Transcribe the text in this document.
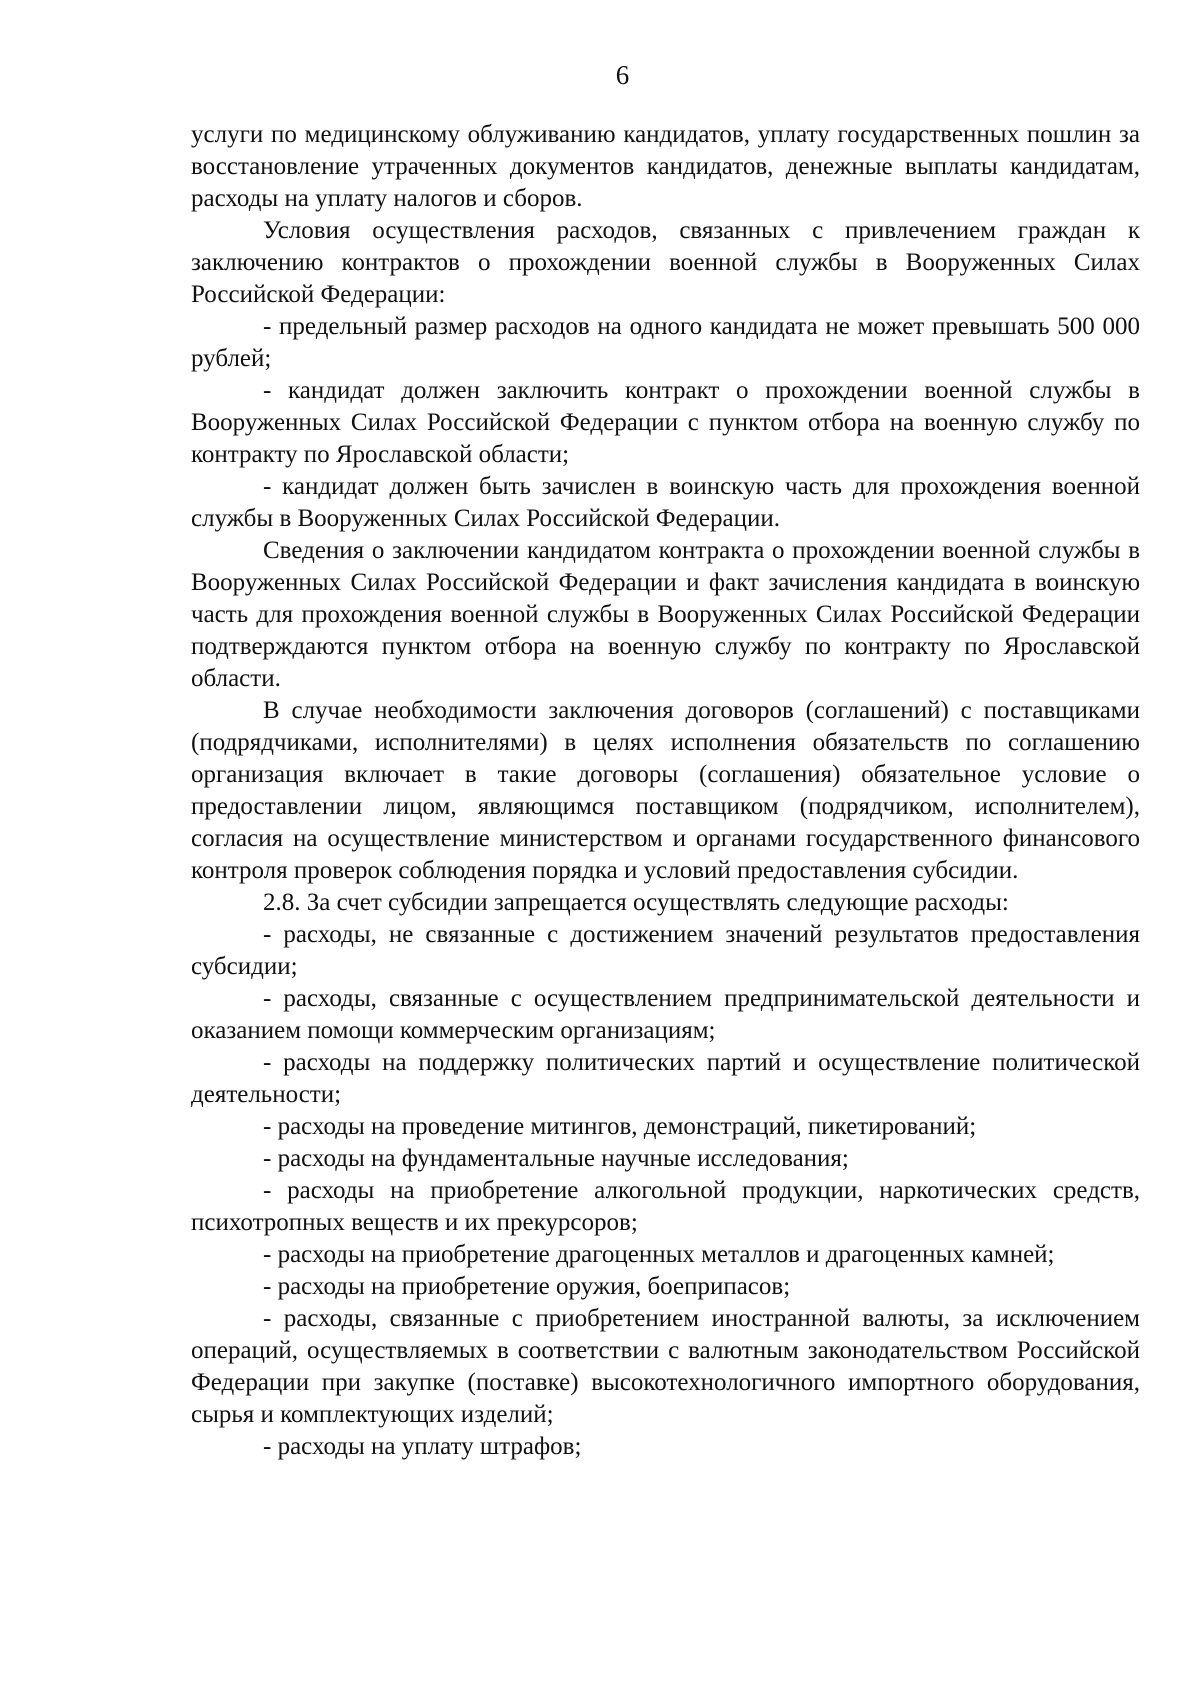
6

услуги по медицинскому облуживанию кандидатов, уплату государственных пошлин за восстановление утраченных документов кандидатов, денежные выплаты кандидатам, расходы на уплату налогов и сборов.

Условия осуществления расходов, связанных с привлечением граждан к заключению контрактов о прохождении военной службы в Вооруженных Силах Российской Федерации:

- предельный размер расходов на одного кандидата не может превышать 500 000 рублей;

- кандидат должен заключить контракт о прохождении военной службы в Вооруженных Силах Российской Федерации с пунктом отбора на военную службу по контракту по Ярославской области;

- кандидат должен быть зачислен в воинскую часть для прохождения военной службы в Вооруженных Силах Российской Федерации.

Сведения о заключении кандидатом контракта о прохождении военной службы в Вооруженных Силах Российской Федерации и факт зачисления кандидата в воинскую часть для прохождения военной службы в Вооруженных Силах Российской Федерации подтверждаются пунктом отбора на военную службу по контракту по Ярославской области.

В случае необходимости заключения договоров (соглашений) с поставщиками (подрядчиками, исполнителями) в целях исполнения обязательств по соглашению организация включает в такие договоры (соглашения) обязательное условие о предоставлении лицом, являющимся поставщиком (подрядчиком, исполнителем), согласия на осуществление министерством и органами государственного финансового контроля проверок соблюдения порядка и условий предоставления субсидии.

2.8. За счет субсидии запрещается осуществлять следующие расходы:

- расходы, не связанные с достижением значений результатов предоставления субсидии;

- расходы, связанные с осуществлением предпринимательской деятельности и оказанием помощи коммерческим организациям;

- расходы на поддержку политических партий и осуществление политической деятельности;

- расходы на проведение митингов, демонстраций, пикетирований;

- расходы на фундаментальные научные исследования;

- расходы на приобретение алкогольной продукции, наркотических средств, психотропных веществ и их прекурсоров;

- расходы на приобретение драгоценных металлов и драгоценных камней;

- расходы на приобретение оружия, боеприпасов;

- расходы, связанные с приобретением иностранной валюты, за исключением операций, осуществляемых в соответствии с валютным законодательством Российской Федерации при закупке (поставке) высокотехнологичного импортного оборудования, сырья и комплектующих изделий;

- расходы на уплату штрафов;
